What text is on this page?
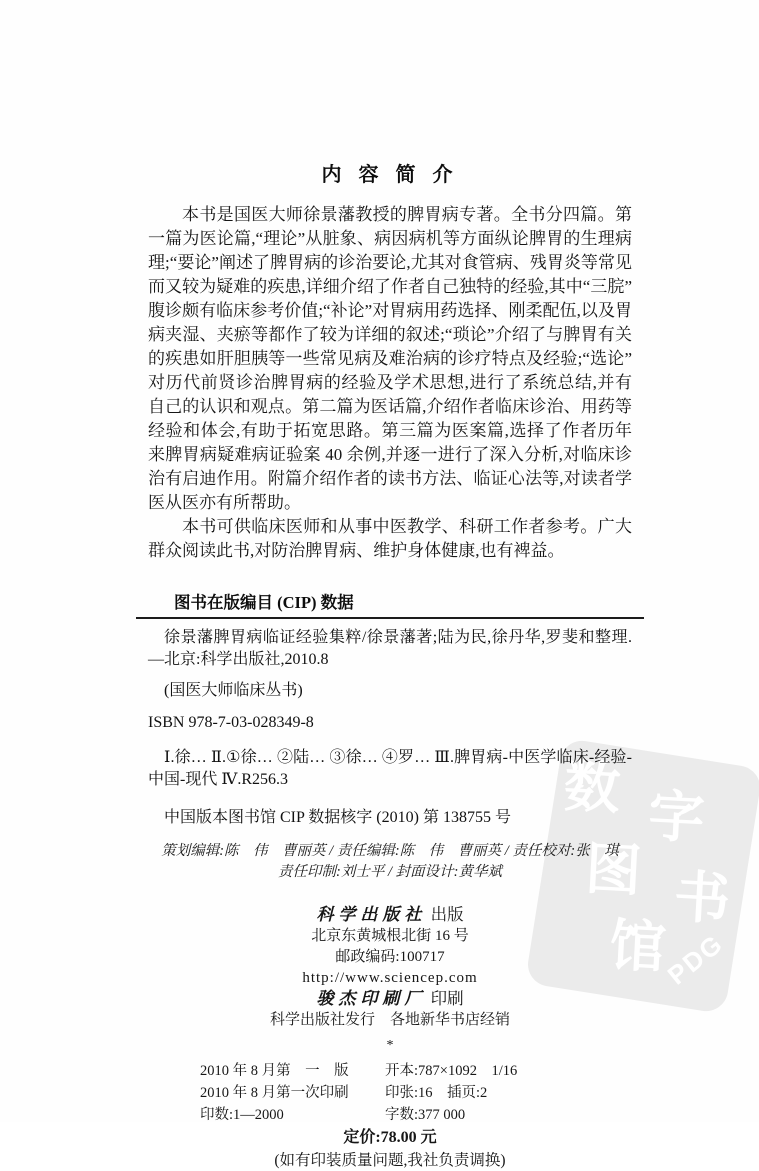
数 字
图 书
馆
PDG
内 容 简 介

本书是国医大师徐景藩教授的脾胃病专著。全书分四篇。第一篇为医论篇,“理论”从脏象、病因病机等方面纵论脾胃的生理病理;“要论”阐述了脾胃病的诊治要论,尤其对食管病、残胃炎等常见而又较为疑难的疾患,详细介绍了作者自己独特的经验,其中“三脘”腹诊颇有临床参考价值;“补论”对胃病用药选择、刚柔配伍,以及胃病夹湿、夹瘀等都作了较为详细的叙述;“琐论”介绍了与脾胃有关的疾患如肝胆胰等一些常见病及难治病的诊疗特点及经验;“选论”对历代前贤诊治脾胃病的经验及学术思想,进行了系统总结,并有自己的认识和观点。第二篇为医话篇,介绍作者临床诊治、用药等经验和体会,有助于拓宽思路。第三篇为医案篇,选择了作者历年来脾胃病疑难病证验案 40 余例,并逐一进行了深入分析,对临床诊治有启迪作用。附篇介绍作者的读书方法、临证心法等,对读者学医从医亦有所帮助。

本书可供临床医师和从事中医教学、科研工作者参考。广大群众阅读此书,对防治脾胃病、维护身体健康,也有裨益。

图书在版编目 (CIP) 数据

徐景藩脾胃病临证经验集粹/徐景藩著;陆为民,徐丹华,罗斐和整理.—北京:科学出版社,2010.8

(国医大师临床丛书)

ISBN 978-7-03-028349-8

Ⅰ.徐… Ⅱ.①徐… ②陆… ③徐… ④罗… Ⅲ.脾胃病-中医学临床-经验-中国-现代 Ⅳ.R256.3

中国版本图书馆 CIP 数据核字 (2010) 第 138755 号

策划编辑:陈　伟　曹丽英 / 责任编辑:陈　伟　曹丽英 / 责任校对:张　琪

责任印制:刘士平 / 封面设计:黄华斌

科学出版社 出版

北京东黄城根北街 16 号

邮政编码:100717

http://www.sciencep.com

骏杰印刷厂 印刷

科学出版社发行　各地新华书店经销

*

2010 年 8 月第　一　版	开本:787×1092　1/16
2010 年 8 月第一次印刷	印张:16　插页:2
印数:1—2000	字数:377 000

定价:78.00 元

(如有印装质量问题,我社负责调换)
